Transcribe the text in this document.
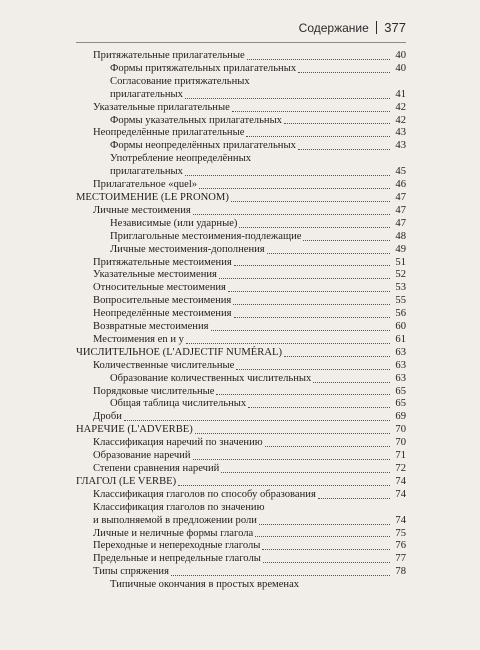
Содержание 377
Притяжательные прилагательные	40
Формы притяжательных прилагательных	40
Согласование притяжательных
прилагательных	41
Указательные прилагательные	42
Формы указательных прилагательных	42
Неопределённые прилагательные	43
Формы неопределённых прилагательных	43
Употребление неопределённых
прилагательных	45
Прилагательное «quel»	46
МЕСТОИМЕНИЕ (LE PRONOM)	47
Личные местоимения	47
Независимые (или ударные)	47
Приглагольные местоимения-подлежащие	48
Личные местоимения-дополнения	49
Притяжательные местоимения	51
Указательные местоимения	52
Относительные местоимения	53
Вопросительные местоимения	55
Неопределённые местоимения	56
Возвратные местоимения	60
Местоимения en и y	61
ЧИСЛИТЕЛЬНОЕ (L'ADJECTIF NUMÉRAL)	63
Количественные числительные	63
Образование количественных числительных	63
Порядковые числительные	65
Общая таблица числительных	65
Дроби	69
НАРЕЧИЕ (L'ADVERBE)	70
Классификация наречий по значению	70
Образование наречий	71
Степени сравнения наречий	72
ГЛАГОЛ (LE VERBE)	74
Классификация глаголов по способу образования	74
Классификация глаголов по значению
и выполняемой в предложении роли	74
Личные и неличные формы глагола	75
Переходные и непереходные глаголы	76
Предельные и непредельные глаголы	77
Типы спряжения	78
Типичные окончания в простых временах
